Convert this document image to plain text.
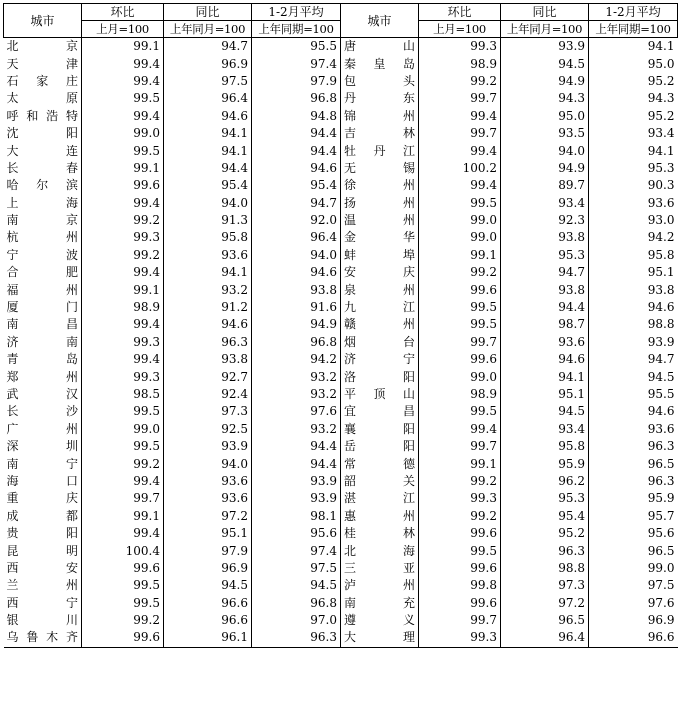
城市	环比	同比	1-2月平均	城市	环比	同比	1-2月平均
	上月=100	上年同月=100	上年同期=100		上月=100	上年同月=100	上年同期=100
北京	99.1	94.7	95.5	唐山	99.3	93.9	94.1
天津	99.4	96.9	97.4	秦皇岛	98.9	94.5	95.0
石家庄	99.4	97.5	97.9	包头	99.2	94.9	95.2
太原	99.5	96.4	96.8	丹东	99.7	94.3	94.3
呼和浩特	99.4	94.6	94.8	锦州	99.4	95.0	95.2
沈阳	99.0	94.1	94.4	吉林	99.7	93.5	93.4
大连	99.5	94.1	94.4	牡丹江	99.4	94.0	94.1
长春	99.1	94.4	94.6	无锡	100.2	94.9	95.3
哈尔滨	99.6	95.4	95.4	徐州	99.4	89.7	90.3
上海	99.4	94.0	94.7	扬州	99.5	93.4	93.6
南京	99.2	91.3	92.0	温州	99.0	92.3	93.0
杭州	99.3	95.8	96.4	金华	99.0	93.8	94.2
宁波	99.2	93.6	94.0	蚌埠	99.1	95.3	95.8
合肥	99.4	94.1	94.6	安庆	99.2	94.7	95.1
福州	99.1	93.2	93.8	泉州	99.6	93.8	93.8
厦门	98.9	91.2	91.6	九江	99.5	94.4	94.6
南昌	99.4	94.6	94.9	赣州	99.5	98.7	98.8
济南	99.3	96.3	96.8	烟台	99.7	93.6	93.9
青岛	99.4	93.8	94.2	济宁	99.6	94.6	94.7
郑州	99.3	92.7	93.2	洛阳	99.0	94.1	94.5
武汉	98.5	92.4	93.2	平顶山	98.9	95.1	95.5
长沙	99.5	97.3	97.6	宜昌	99.5	94.5	94.6
广州	99.0	92.5	93.2	襄阳	99.4	93.4	93.6
深圳	99.5	93.9	94.4	岳阳	99.7	95.8	96.3
南宁	99.2	94.0	94.4	常德	99.1	95.9	96.5
海口	99.4	93.6	93.9	韶关	99.2	96.2	96.3
重庆	99.7	93.6	93.9	湛江	99.3	95.3	95.9
成都	99.1	97.2	98.1	惠州	99.2	95.4	95.7
贵阳	99.4	95.1	95.6	桂林	99.6	95.2	95.6
昆明	100.4	97.9	97.4	北海	99.5	96.3	96.5
西安	99.6	96.9	97.5	三亚	99.6	98.8	99.0
兰州	99.5	94.5	94.5	泸州	99.8	97.3	97.5
西宁	99.5	96.6	96.8	南充	99.6	97.2	97.6
银川	99.2	96.6	97.0	遵义	99.7	96.5	96.9
乌鲁木齐	99.6	96.1	96.3	大理	99.3	96.4	96.6
